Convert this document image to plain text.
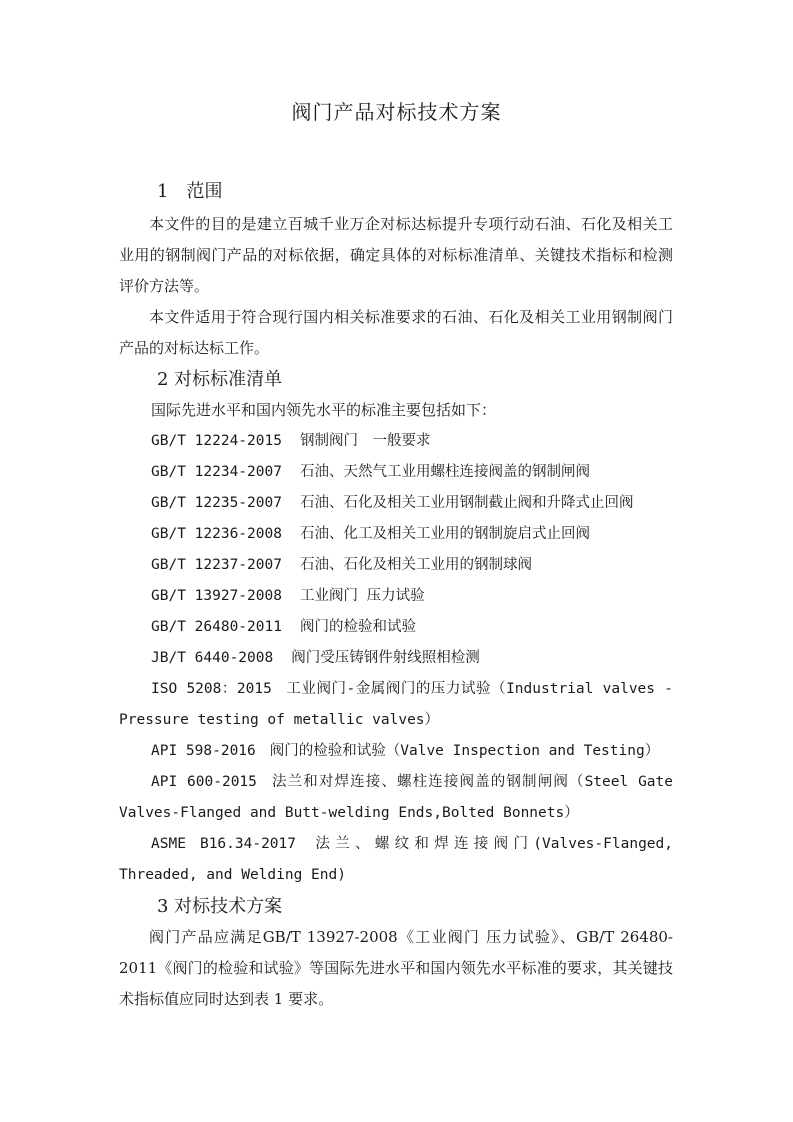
阀门产品对标技术方案
1　范围

本文件的目的是建立百城千业万企对标达标提升专项行动石油、石化及相关工业用的钢制阀门产品的对标依据，确定具体的对标标准清单、关键技术指标和检测评价方法等。

本文件适用于符合现行国内相关标准要求的石油、石化及相关工业用钢制阀门产品的对标达标工作。

2 对标标准清单
国际先进水平和国内领先水平的标准主要包括如下：
GB/T 12224-2015 钢制阀门　一般要求
GB/T 12234-2007 石油、天然气工业用螺柱连接阀盖的钢制闸阀
GB/T 12235-2007 石油、石化及相关工业用钢制截止阀和升降式止回阀
GB/T 12236-2008 石油、化工及相关工业用的钢制旋启式止回阀
GB/T 12237-2007 石油、石化及相关工业用的钢制球阀
GB/T 13927-2008 工业阀门 压力试验
GB/T 26480-2011 阀门的检验和试验
JB/T 6440-2008 阀门受压铸钢件射线照相检测

ISO 5208：2015 工业阀门-金属阀门的压力试验（Industrial valves -Pressure testing of metallic valves）

API 598-2016 阀门的检验和试验（Valve Inspection and Testing）

API 600-2015 法兰和对焊连接、螺柱连接阀盖的钢制闸阀（Steel Gate Valves-Flanged and Butt-welding Ends,Bolted Bonnets）

ASME B16.34-2017 法兰、螺纹和焊连接阀门(Valves-Flanged, Threaded, and Welding End)

3 对标技术方案

阀门产品应满足GB/T 13927-2008《工业阀门 压力试验》、GB/T 26480-2011《阀门的检验和试验》等国际先进水平和国内领先水平标准的要求，其关键技术指标值应同时达到表 1 要求。
